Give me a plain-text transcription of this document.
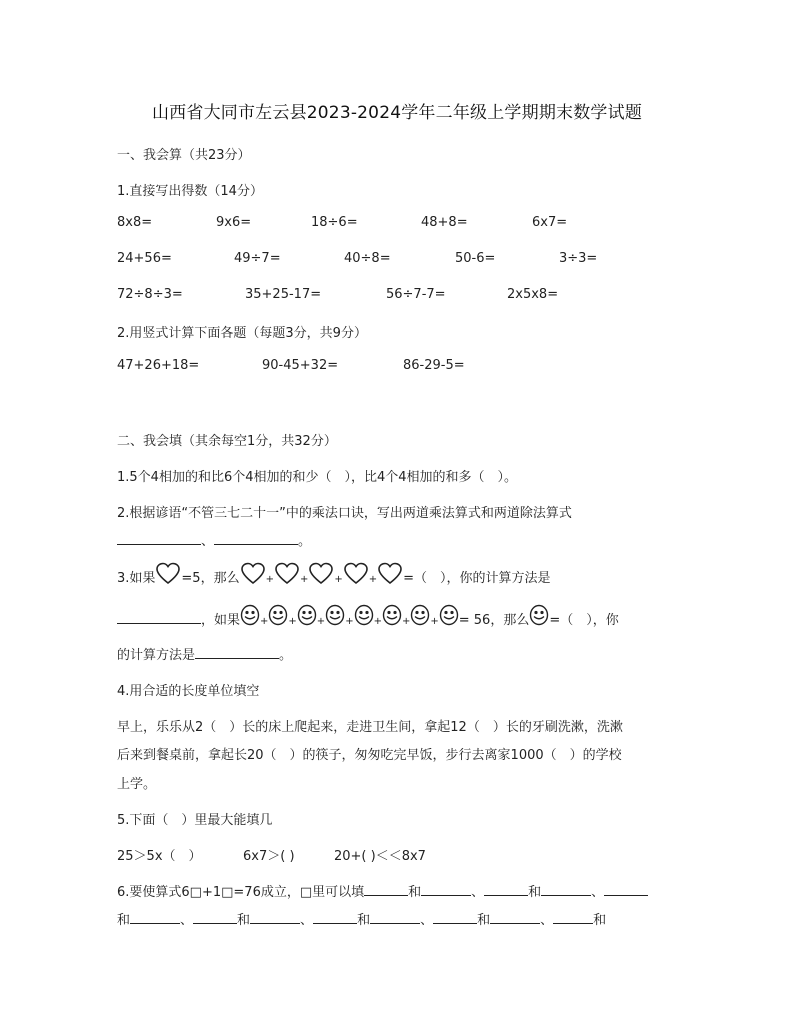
山西省大同市左云县2023-2024学年二年级上学期期末数学试题
一、我会算（共23分）
1.直接写出得数（14分）
8x8=	9x6=	18÷6=	48+8=	6x7=
24+56=	49÷7=	40÷8=	50-6=	3÷3=
72÷8÷3=	35+25-17=	56÷7-7=	2x5x8=
2.用竖式计算下面各题（每题3分，共9分）
47+26+18=	90-45+32=	86-29-5=
二、我会填（其余每空1分，共32分）
1.5个4相加的和比6个4相加的和少（　），比4个4相加的和多（　）。
2.根据谚语“不管三七二十一”中的乘法口诀，写出两道乘法算式和两道除法算式
、	。
3.如果 =5，那么	+	+	+	+ =（　），你的计算方法是
，如果 + + + + + + + = 56，那么 =（　），你
的计算方法是	。
4.用合适的长度单位填空
早上，乐乐从2（　）长的床上爬起来，走进卫生间，拿起12（　）长的牙刷洗漱，洗漱
后来到餐桌前，拿起长20（　）的筷子，匆匆吃完早饭，步行去离家1000（　）的学校
上学。
5.下面（　）里最大能填几
25＞5x（　）	6x7＞( )	20+( )＜＜8x7
6.要使算式6□+1□=76成立，□里可以填	和	、	和	、
和	、	和	、	和	、	和	、	和
